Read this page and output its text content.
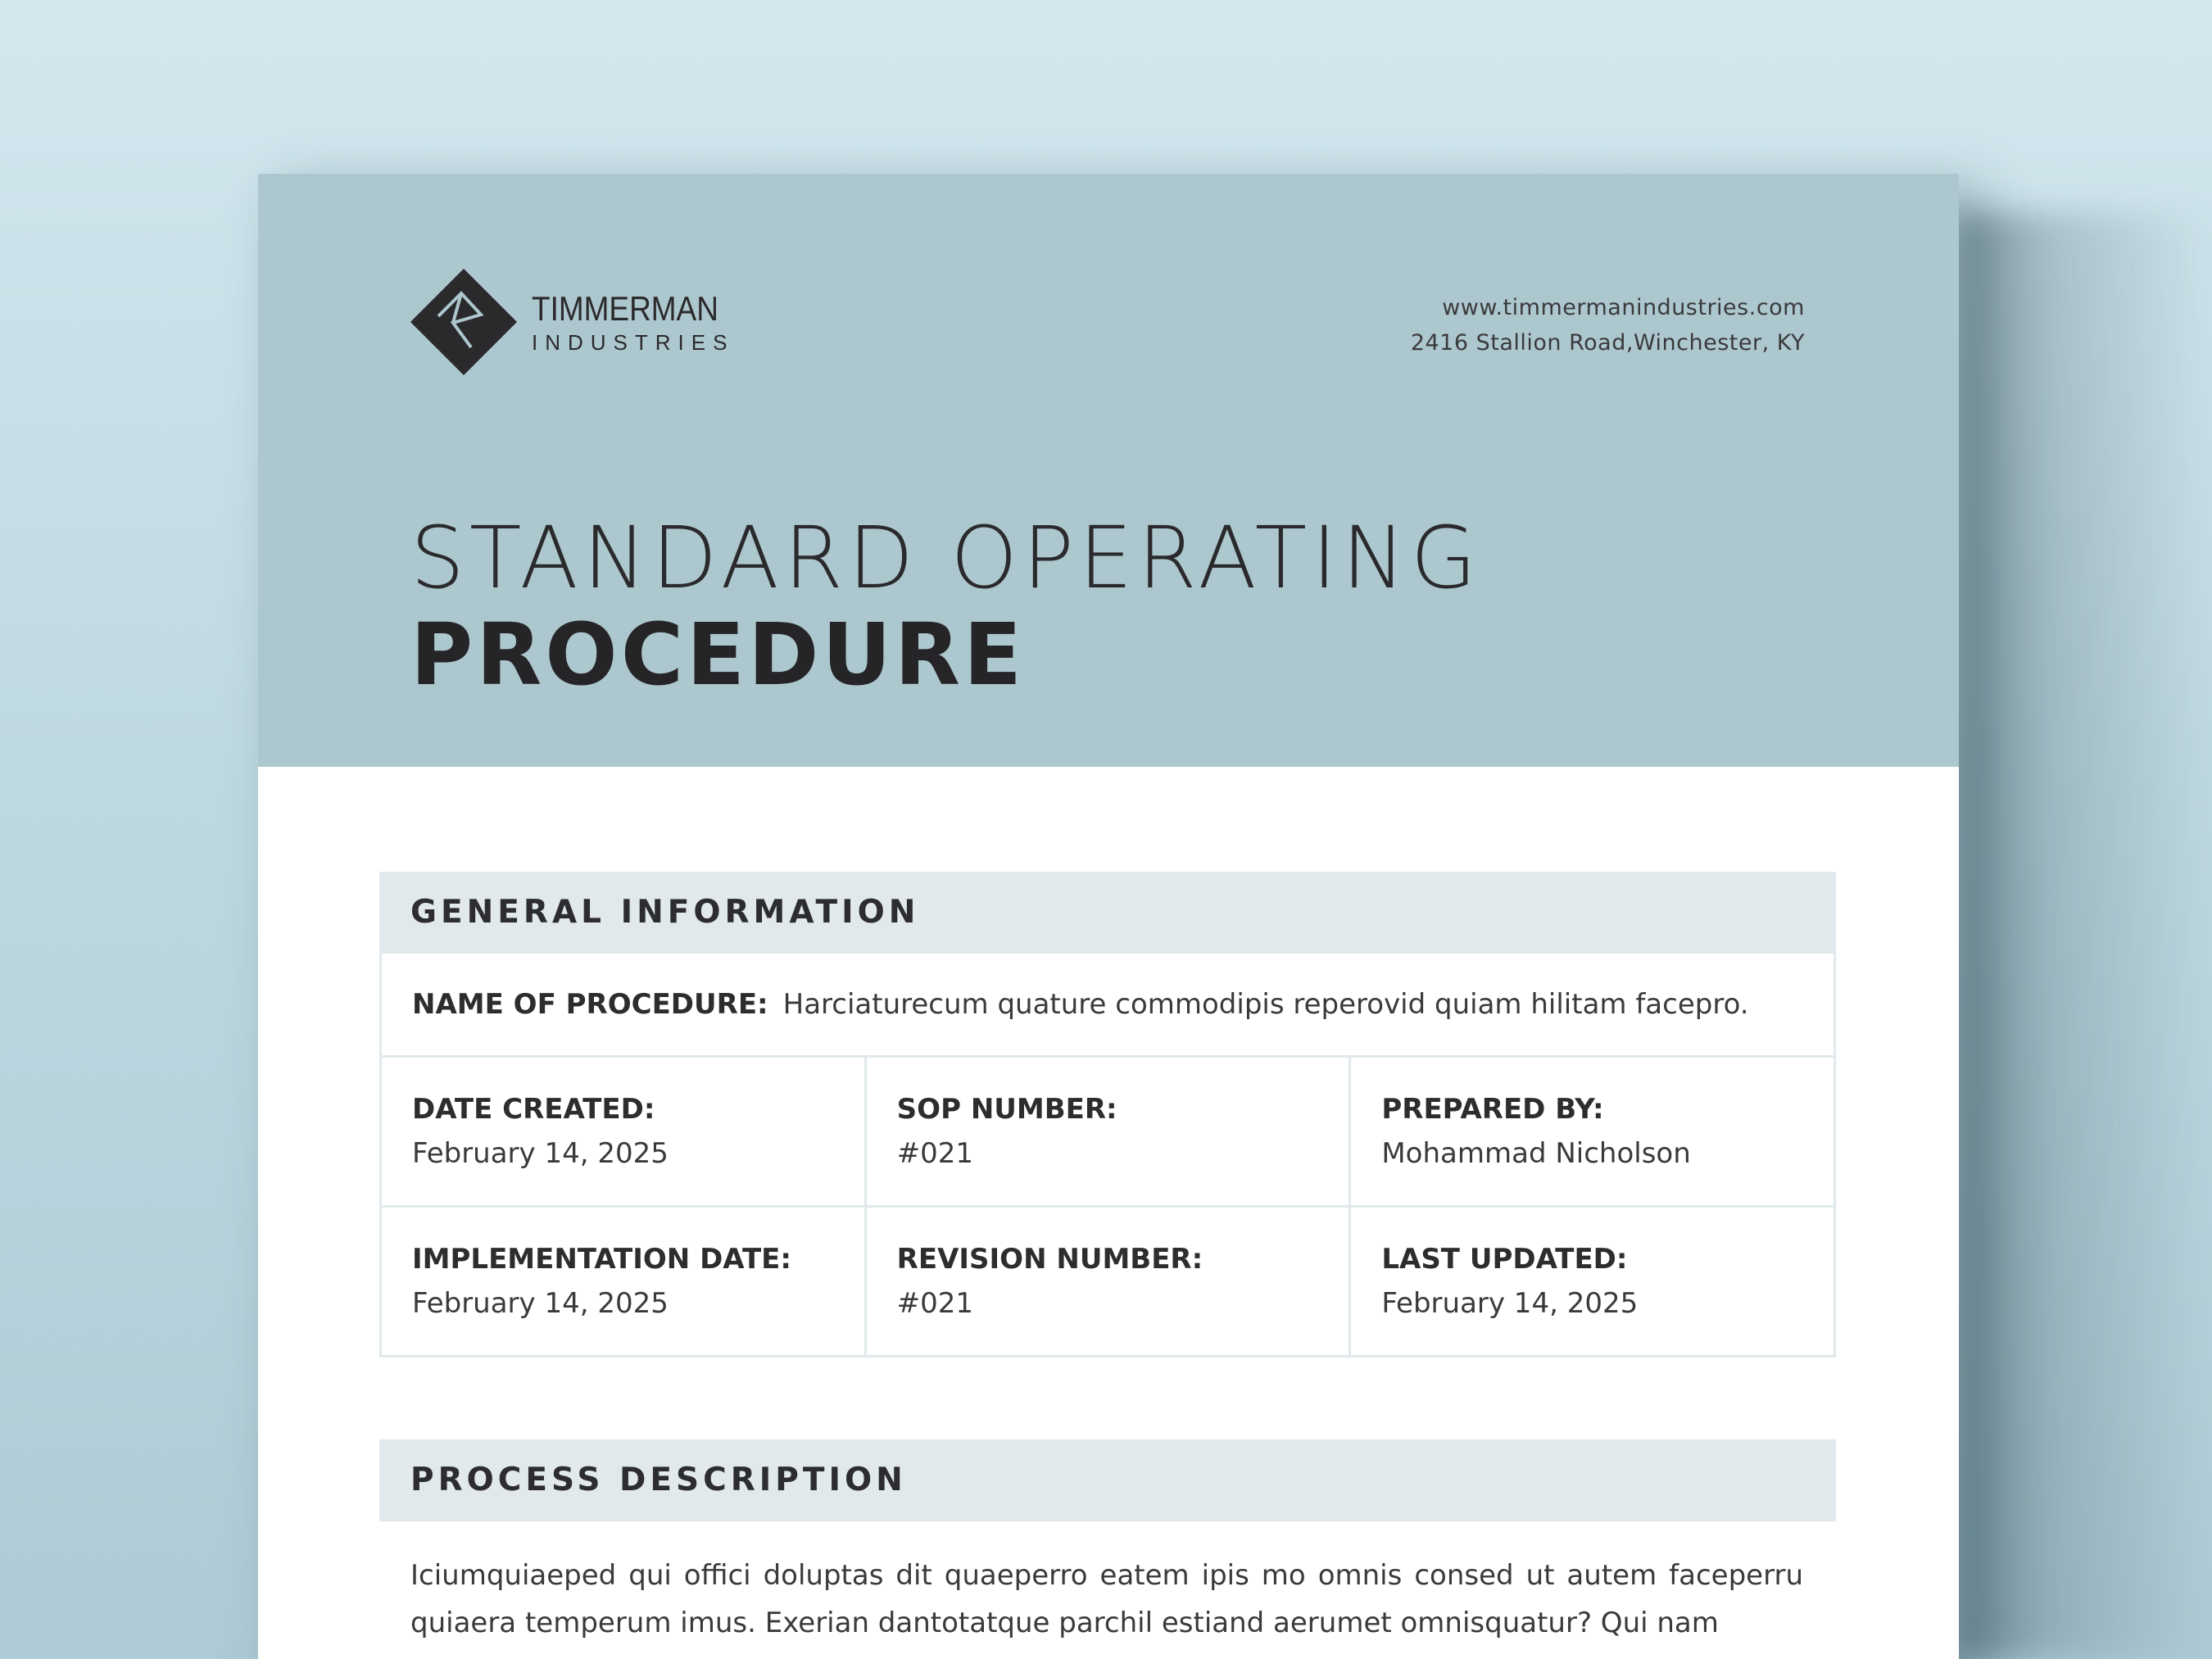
TIMMERMAN
INDUSTRIES
www.timmermanindustries.com
2416 Stallion Road,Winchester, KY
STANDARD OPERATING
PROCEDURE
GENERAL INFORMATION
NAME OF PROCEDURE: Harciaturecum quature commodipis reperovid quiam hilitam facepro.
DATE CREATED:
February 14, 2025
SOP NUMBER:
#021
PREPARED BY:
Mohammad Nicholson
IMPLEMENTATION DATE:
February 14, 2025
REVISION NUMBER:
#021
LAST UPDATED:
February 14, 2025
PROCESS DESCRIPTION
Iciumquiaeped qui offici doluptas dit quaeperro eatem ipis mo omnis consed ut autem faceperru quiaera temperum imus. Exerian dantotatque parchil estiand aerumet omnisquatur? Qui nam
